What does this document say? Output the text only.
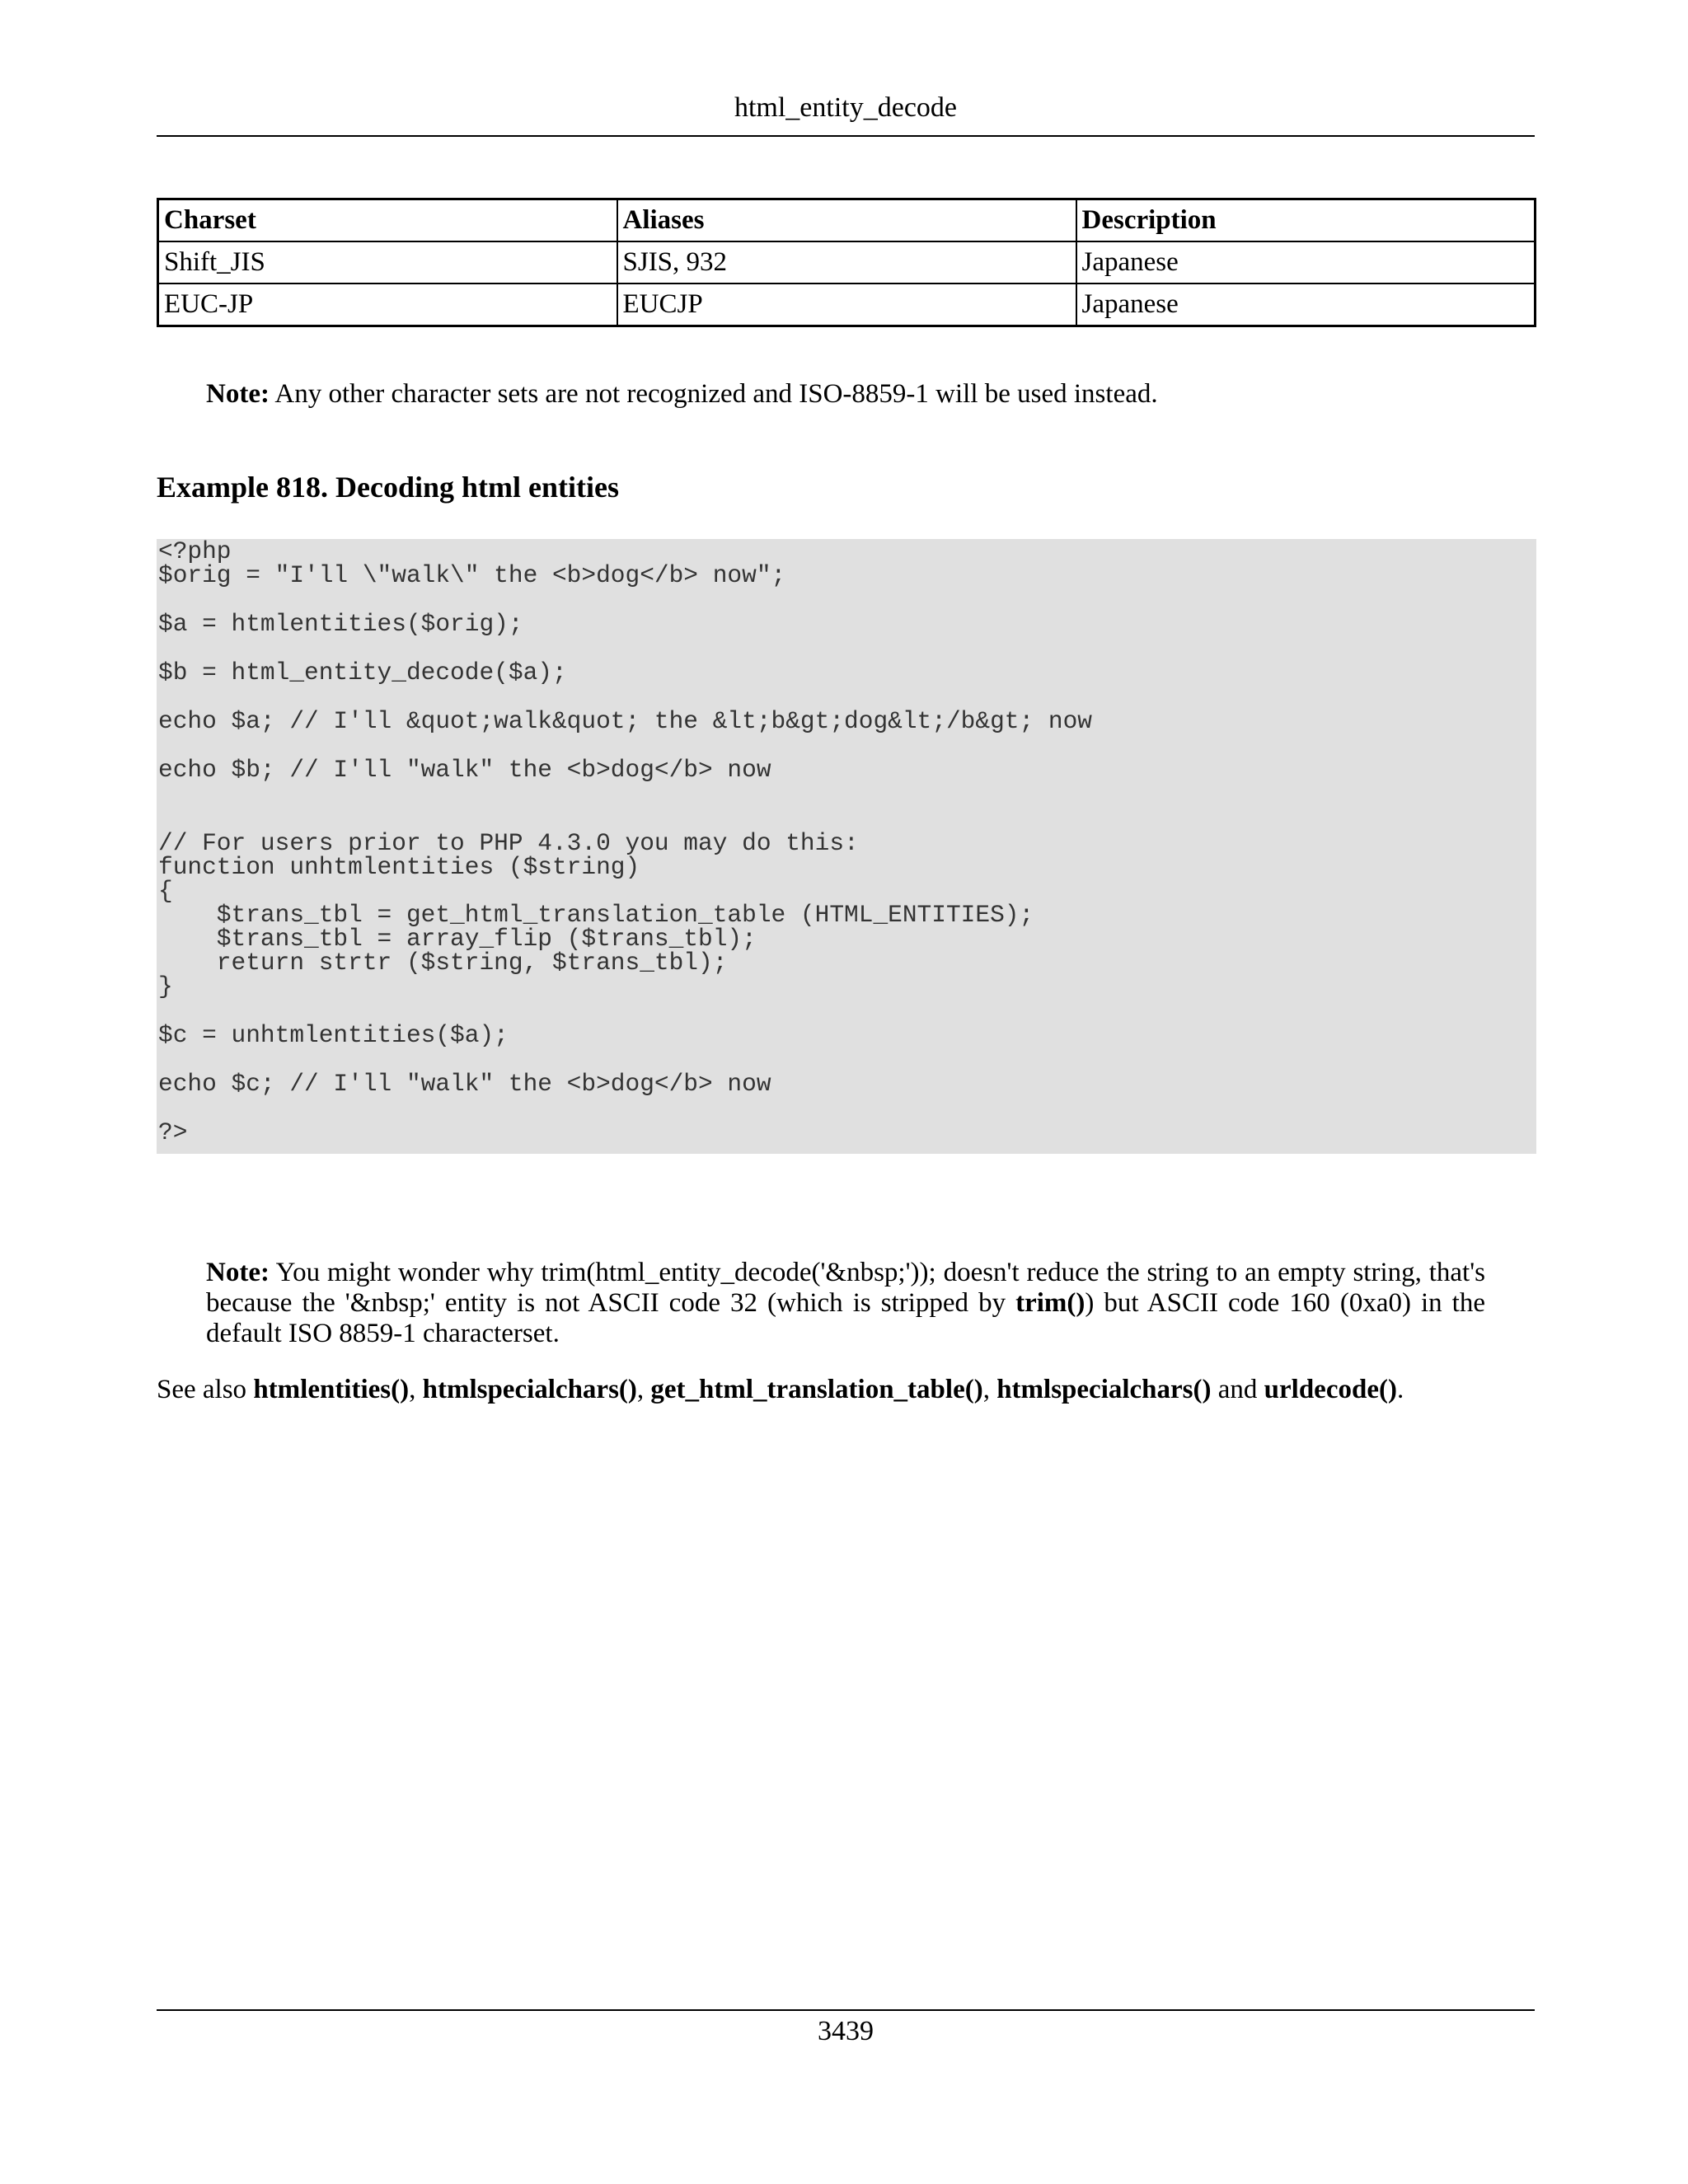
html_entity_decode
Charset	Aliases	Description
Shift_JIS	SJIS, 932	Japanese
EUC-JP	EUCJP	Japanese
Note: Any other character sets are not recognized and ISO-8859-1 will be used instead.
Example 818. Decoding html entities
<?php
$orig = "I'll \"walk\" the <b>dog</b> now";
$a = htmlentities($orig);
$b = html_entity_decode($a);
echo $a; // I'll &quot;walk&quot; the &lt;b&gt;dog&lt;/b&gt; now
echo $b; // I'll "walk" the <b>dog</b> now
// For users prior to PHP 4.3.0 you may do this:
function unhtmlentities ($string)
{
$trans_tbl = get_html_translation_table (HTML_ENTITIES);
$trans_tbl = array_flip ($trans_tbl);
return strtr ($string, $trans_tbl);
}
$c = unhtmlentities($a);
echo $c; // I'll "walk" the <b>dog</b> now
?>
Note: You might wonder why trim(html_entity_decode('&nbsp;')); doesn't reduce the string to an empty string, that's because the '&nbsp;' entity is not ASCII code 32 (which is stripped by trim()) but ASCII code 160 (0xa0) in the default ISO 8859-1 characterset.
See also htmlentities(), htmlspecialchars(), get_html_translation_table(), htmlspecialchars() and urldecode().
3439
